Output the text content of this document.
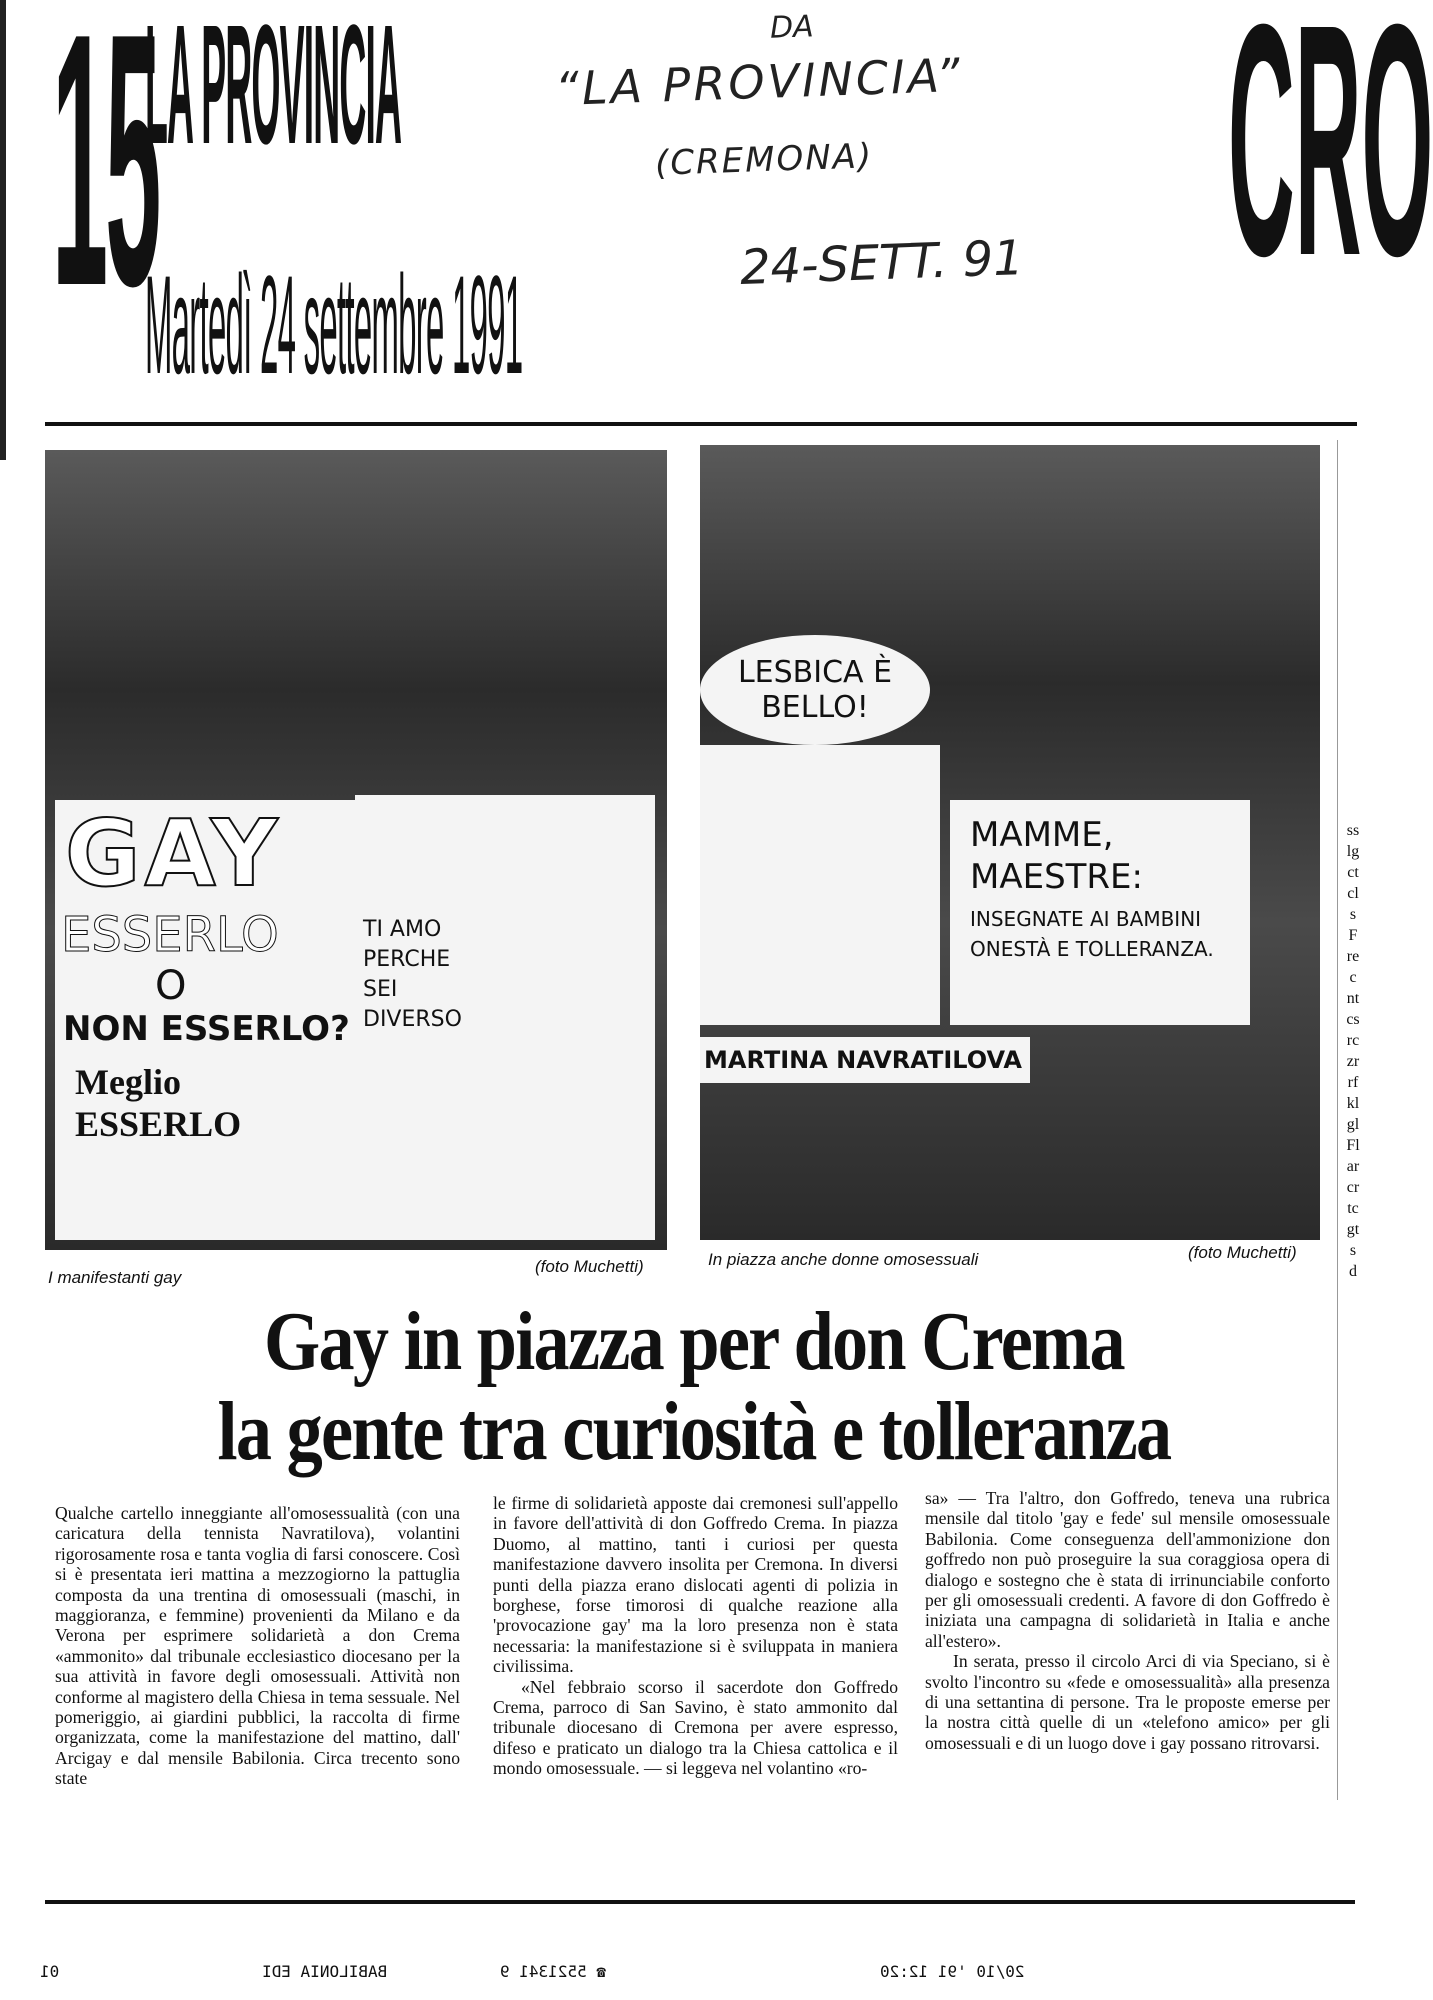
15
LA PROVINCIA
Martedì 24 settembre 1991
CRO
DA
“LA PROVINCIA”
(CREMONA)
24-SETT. 91
GAY
ESSERLO
O
NON ESSERLO?
Meglio ESSERLO
TI AMO PERCHE SEI DIVERSO
LESBICA È BELLO!
MAMME, MAESTRE:
INSEGNATE AI BAMBINI ONESTÀ E TOLLERANZA.
MARTINA NAVRATILOVA
I manifestanti gay
(foto Muchetti)	In piazza anche donne omosessuali	(foto Muchetti)
Gay in piazza per don Crema
la gente tra curiosità e tolleranza

Qualche cartello inneggiante all'omosessualità (con una caricatura della tennista Navratilova), volantini rigorosamente rosa e tanta voglia di farsi conoscere. Così si è presentata ieri mattina a mezzogiorno la pattuglia composta da una trentina di omosessuali (maschi, in maggioranza, e femmine) provenienti da Milano e da Verona per esprimere solidarietà a don Crema «ammonito» dal tribunale ecclesiastico diocesano per la sua attività in favore degli omosessuali. Attività non conforme al magistero della Chiesa in tema sessuale. Nel pomeriggio, ai giardini pubblici, la raccolta di firme organizzata, come la manifestazione del mattino, dall' Arcigay e dal mensile Babilonia. Circa trecento sono state

le firme di solidarietà apposte dai cremonesi sull'appello in favore dell'attività di don Goffredo Crema. In piazza Duomo, al mattino, tanti i curiosi per questa manifestazione davvero insolita per Cremona. In diversi punti della piazza erano dislocati agenti di polizia in borghese, forse timorosi di qualche reazione alla 'provocazione gay' ma la loro presenza non è stata necessaria: la manifestazione si è sviluppata in maniera civilissima.

«Nel febbraio scorso il sacerdote don Goffredo Crema, parroco di San Savino, è stato ammonito dal tribunale diocesano di Cremona per avere espresso, difeso e praticato un dialogo tra la Chiesa cattolica e il mondo omosessuale. — si leggeva nel volantino «ro-

sa» — Tra l'altro, don Goffredo, teneva una rubrica mensile dal titolo 'gay e fede' sul mensile omosessuale Babilonia. Come conseguenza dell'ammonizione don goffredo non può proseguire la sua coraggiosa opera di dialogo e sostegno che è stata di irrinunciabile conforto per gli omosessuali credenti. A favore di don Goffredo è iniziata una campagna di solidarietà in Italia e anche all'estero».

In serata, presso il circolo Arci di via Speciano, si è svolto l'incontro su «fede e omosessualità» alla presenza di una settantina di persone. Tra le proposte emerse per la nostra città quelle di un «telefono amico» per gli omosessuali e di un luogo dove i gay possano ritrovarsi.

sslgctclsFrecntcsrczrrfklglFlarcrtcgtsd
01	BABILONIA EDI	☎ 5521341 9	20/10 '91 12:20
